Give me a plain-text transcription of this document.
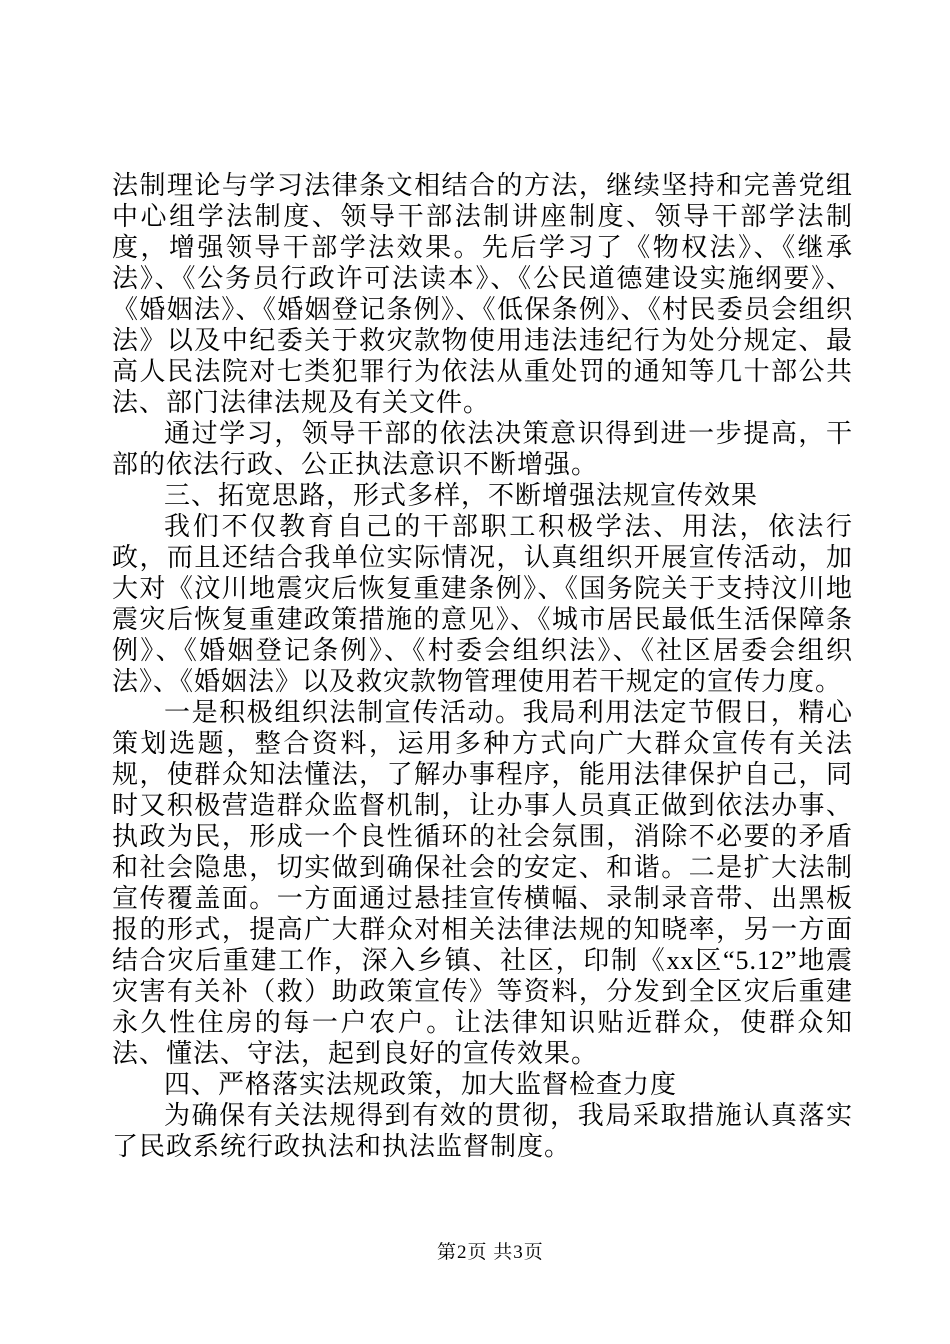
法制理论与学习法律条文相结合的方法，继续坚持和完善党组中心组学法制度、领导干部法制讲座制度、领导干部学法制度，增强领导干部学法效果。先后学习了《物权法》、《继承法》、《公务员行政许可法读本》、《公民道德建设实施纲要》、《婚姻法》、《婚姻登记条例》、《低保条例》、《村民委员会组织法》以及中纪委关于救灾款物使用违法违纪行为处分规定、最高人民法院对七类犯罪行为依法从重处罚的通知等几十部公共法、部门法律法规及有关文件。

通过学习，领导干部的依法决策意识得到进一步提高，干部的依法行政、公正执法意识不断增强。

三、拓宽思路，形式多样，不断增强法规宣传效果

我们不仅教育自己的干部职工积极学法、用法，依法行政，而且还结合我单位实际情况，认真组织开展宣传活动，加大对《汶川地震灾后恢复重建条例》、《国务院关于支持汶川地震灾后恢复重建政策措施的意见》、《城市居民最低生活保障条例》、《婚姻登记条例》、《村委会组织法》、《社区居委会组织法》、《婚姻法》以及救灾款物管理使用若干规定的宣传力度。

一是积极组织法制宣传活动。我局利用法定节假日，精心策划选题，整合资料，运用多种方式向广大群众宣传有关法规，使群众知法懂法，了解办事程序，能用法律保护自己，同时又积极营造群众监督机制，让办事人员真正做到依法办事、执政为民，形成一个良性循环的社会氛围，消除不必要的矛盾和社会隐患，切实做到确保社会的安定、和谐。二是扩大法制宣传覆盖面。一方面通过悬挂宣传横幅、录制录音带、出黑板报的形式，提高广大群众对相关法律法规的知晓率，另一方面结合灾后重建工作，深入乡镇、社区，印制《xx区“5.12”地震灾害有关补（救）助政策宣传》等资料，分发到全区灾后重建永久性住房的每一户农户。让法律知识贴近群众，使群众知法、懂法、守法，起到良好的宣传效果。

四、严格落实法规政策，加大监督检查力度

为确保有关法规得到有效的贯彻，我局采取措施认真落实了民政系统行政执法和执法监督制度。

第2页 共3页
